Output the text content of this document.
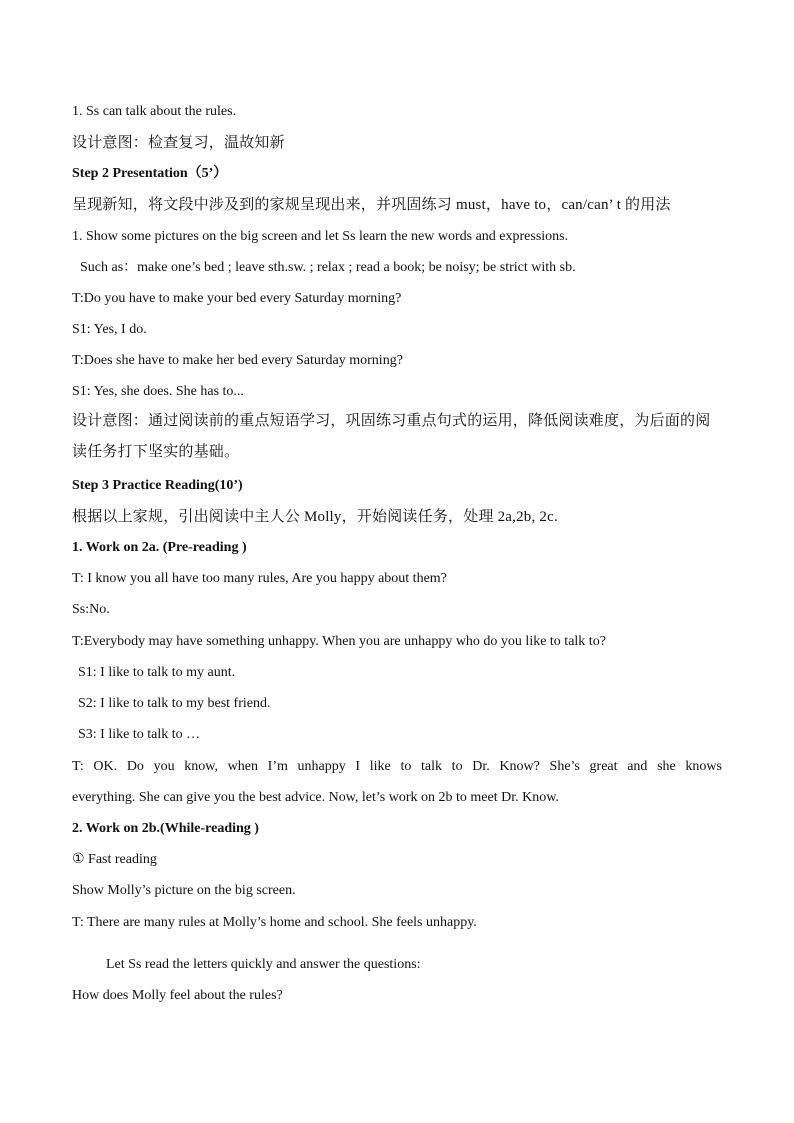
1. Ss can talk about the rules.
设计意图：检查复习，温故知新
Step 2 Presentation（5’）
呈现新知，将文段中涉及到的家规呈现出来，并巩固练习 must，have to，can/can’ t 的用法
1. Show some pictures on the big screen and let Ss learn the new words and expressions.
Such as：make one’s bed ; leave sth.sw. ; relax ; read a book; be noisy; be strict with sb.
T:Do you have to make your bed every Saturday morning?
S1: Yes, I do.
T:Does she have to make her bed every Saturday morning?
S1: Yes, she does. She has to...
设计意图：通过阅读前的重点短语学习，巩固练习重点句式的运用，降低阅读难度，为后面的阅读任务打下坚实的基础。
Step 3 Practice Reading(10’)
根据以上家规，引出阅读中主人公 Molly，开始阅读任务，处理 2a,2b, 2c.
1. Work on 2a. (Pre-reading )
T: I know you all have too many rules, Are you happy about them?
Ss:No.
T:Everybody may have something unhappy. When you are unhappy who do you like to talk to?
S1: I like to talk to my aunt.
S2: I like to talk to my best friend.
S3: I like to talk to …
T: OK. Do you know, when I’m unhappy I like to talk to Dr. Know? She’s great and she knows
everything. She can give you the best advice. Now, let’s work on 2b to meet Dr. Know.
2. Work on 2b.(While-reading )
① Fast reading
Show Molly’s picture on the big screen.
T: There are many rules at Molly’s home and school. She feels unhappy.
Let Ss read the letters quickly and answer the questions:
How does Molly feel about the rules?
